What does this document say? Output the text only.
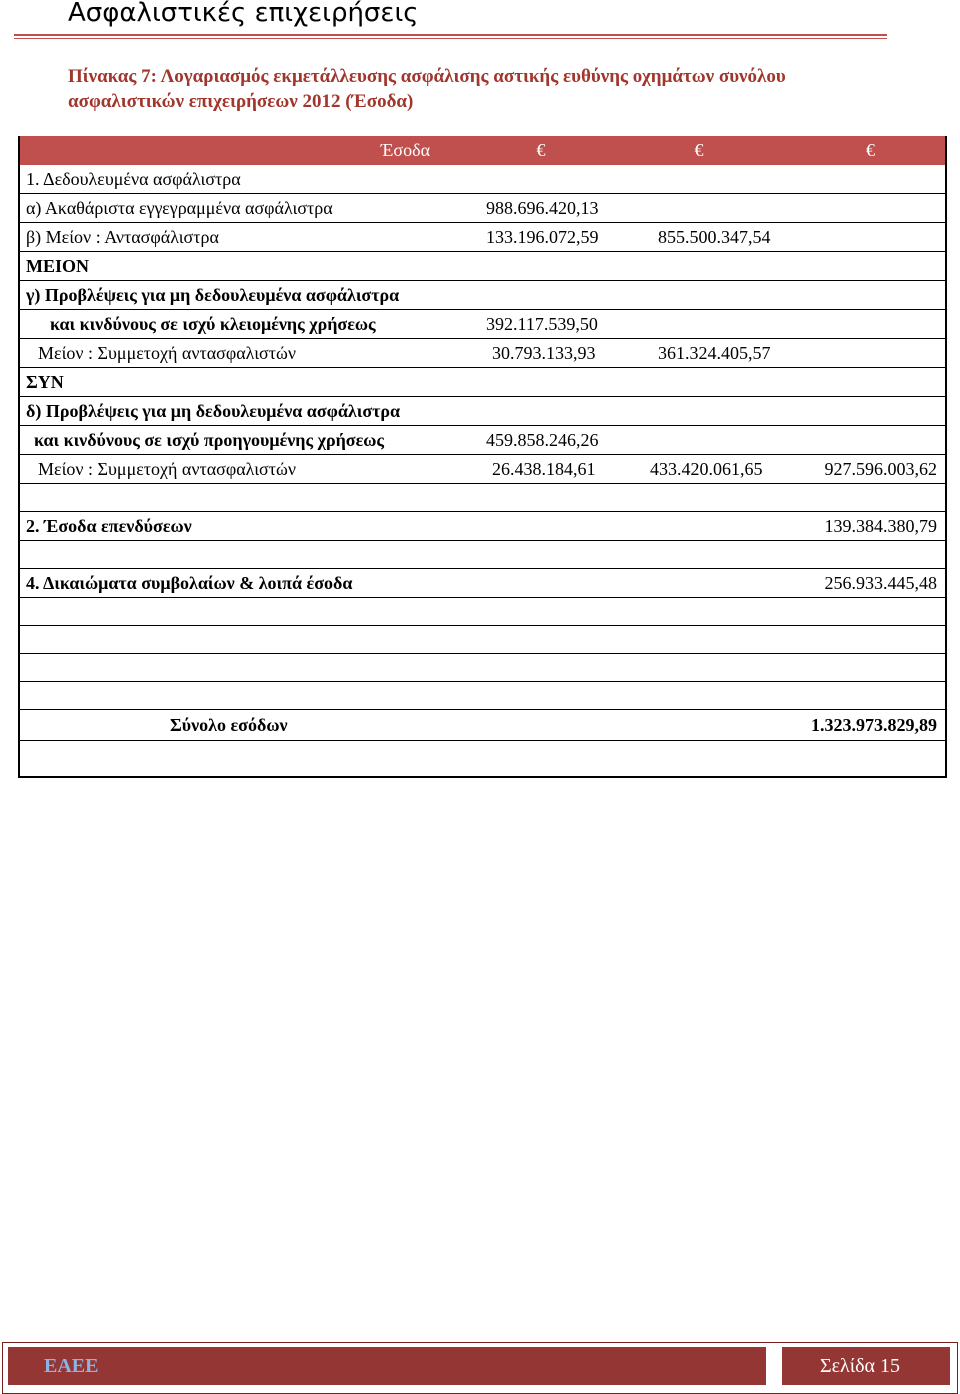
Ασφαλιστικές επιχειρήσεις
Πίνακας 7: Λογαριασμός εκμετάλλευσης ασφάλισης αστικής ευθύνης οχημάτων συνόλου ασφαλιστικών επιχειρήσεων 2012 (Έσοδα)
Έσοδα	€	€	€
1. Δεδουλευμένα ασφάλιστρα			
α) Ακαθάριστα εγγεγραμμένα ασφάλιστρα	988.696.420,13		
β) Μείον : Αντασφάλιστρα	133.196.072,59	855.500.347,54	
ΜΕΙΟΝ			
γ) Προβλέψεις για μη δεδουλευμένα ασφάλιστρα			
και κινδύνους σε ισχύ κλειομένης χρήσεως	392.117.539,50		
Μείον : Συμμετοχή αντασφαλιστών	30.793.133,93	361.324.405,57	
ΣΥΝ			
δ) Προβλέψεις για μη δεδουλευμένα ασφάλιστρα			
και κινδύνους σε ισχύ προηγουμένης χρήσεως	459.858.246,26		
Μείον : Συμμετοχή αντασφαλιστών	26.438.184,61	433.420.061,65	927.596.003,62

2. Έσοδα επενδύσεων			139.384.380,79

4. Δικαιώματα συμβολαίων & λοιπά έσοδα			256.933.445,48

Σύνολο εσόδων			1.323.973.829,89
ΕΑΕΕ	Σελίδα 15
